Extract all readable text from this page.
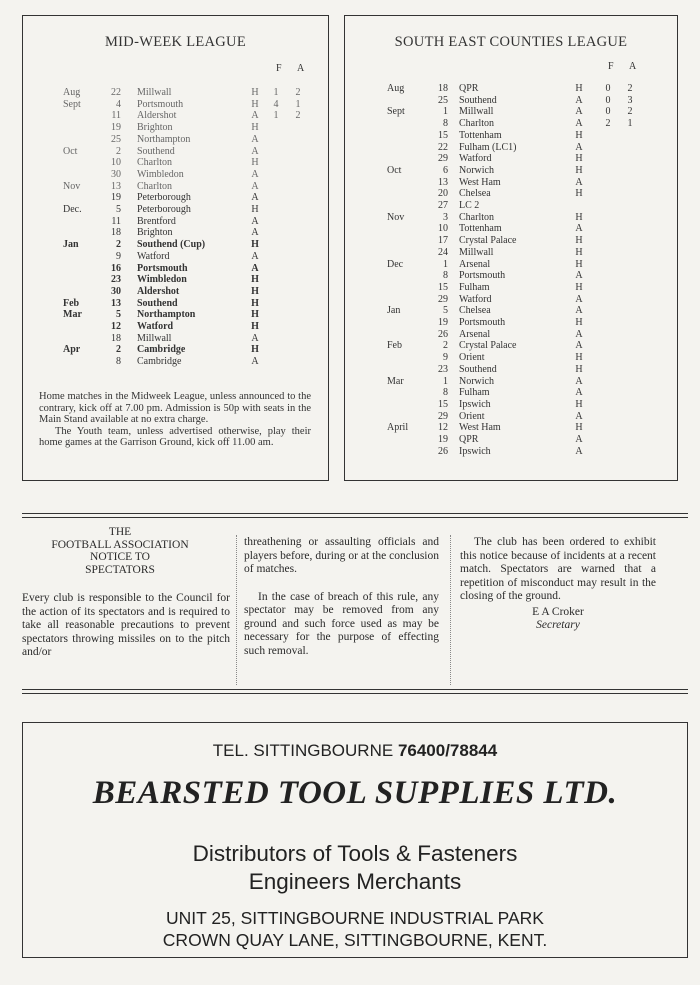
MID-WEEK LEAGUE
F A
Aug	22 Millwall	H	1	2
Sept	4 Portsmouth	H	4	1
11 Aldershot	A	1	2
19 Brighton	H
25 Northampton	A
Oct	2 Southend	A
10 Charlton	H
30 Wimbledon	A
Nov	13 Charlton	A
19 Peterborough	A
Dec.	5 Peterborough	H
11 Brentford	A
18 Brighton	A
Jan	2 Southend (Cup)	H
9 Watford	A
16 Portsmouth	A
23 Wimbledon	H
30 Aldershot	H
Feb	13 Southend	H
Mar	5 Northampton	H
12 Watford	H
18 Millwall	A
Apr	2 Cambridge	H
8 Cambridge	A

Home matches in the Midweek League, unless announced to the contrary, kick off at 7.00 pm. Admission is 50p with seats in the Main Stand available at no extra charge.

The Youth team, unless advertised otherwise, play their home games at the Garrison Ground, kick off 11.00 am.

SOUTH EAST COUNTIES LEAGUE
F A
Aug	18 QPR	H	0	2
25 Southend	A	0	3
Sept	1 Millwall	A	0	2
8 Charlton	A	2	1
15 Tottenham	H
22 Fulham (LC1)	A
29 Watford	H
Oct	6 Norwich	H
13 West Ham	A
20 Chelsea	H
27 LC 2
Nov	3 Charlton	H
10 Tottenham	A
17 Crystal Palace	H
24 Millwall	H
Dec	1 Arsenal	H
8 Portsmouth	A
15 Fulham	H
29 Watford	A
Jan	5 Chelsea	A
19 Portsmouth	H
26 Arsenal	A
Feb	2 Crystal Palace	A
9 Orient	H
23 Southend	H
Mar	1 Norwich	A
8 Fulham	A
15 Ipswich	H
29 Orient	A
April	12 West Ham	H
19 QPR	A
26 Ipswich	A
THE
FOOTBALL ASSOCIATION
NOTICE TO
SPECTATORS

Every club is responsible to the Council for the action of its spectators and is required to take all reasonable precautions to prevent spectators throwing missiles on to the pitch and/or

threathening or assaulting officials and players before, during or at the conclusion of matches.

In the case of breach of this rule, any spectator may be removed from any ground and such force used as may be necessary for the purpose of effecting such removal.

The club has been ordered to exhibit this notice because of incidents at a recent match. Spectators are warned that a repetition of misconduct may result in the closing of the ground.

E A Croker
Secretary
TEL. SITTINGBOURNE 76400/78844
BEARSTED TOOL SUPPLIES LTD.
Distributors of Tools & Fasteners
Engineers Merchants
UNIT 25, SITTINGBOURNE INDUSTRIAL PARK
CROWN QUAY LANE, SITTINGBOURNE, KENT.
